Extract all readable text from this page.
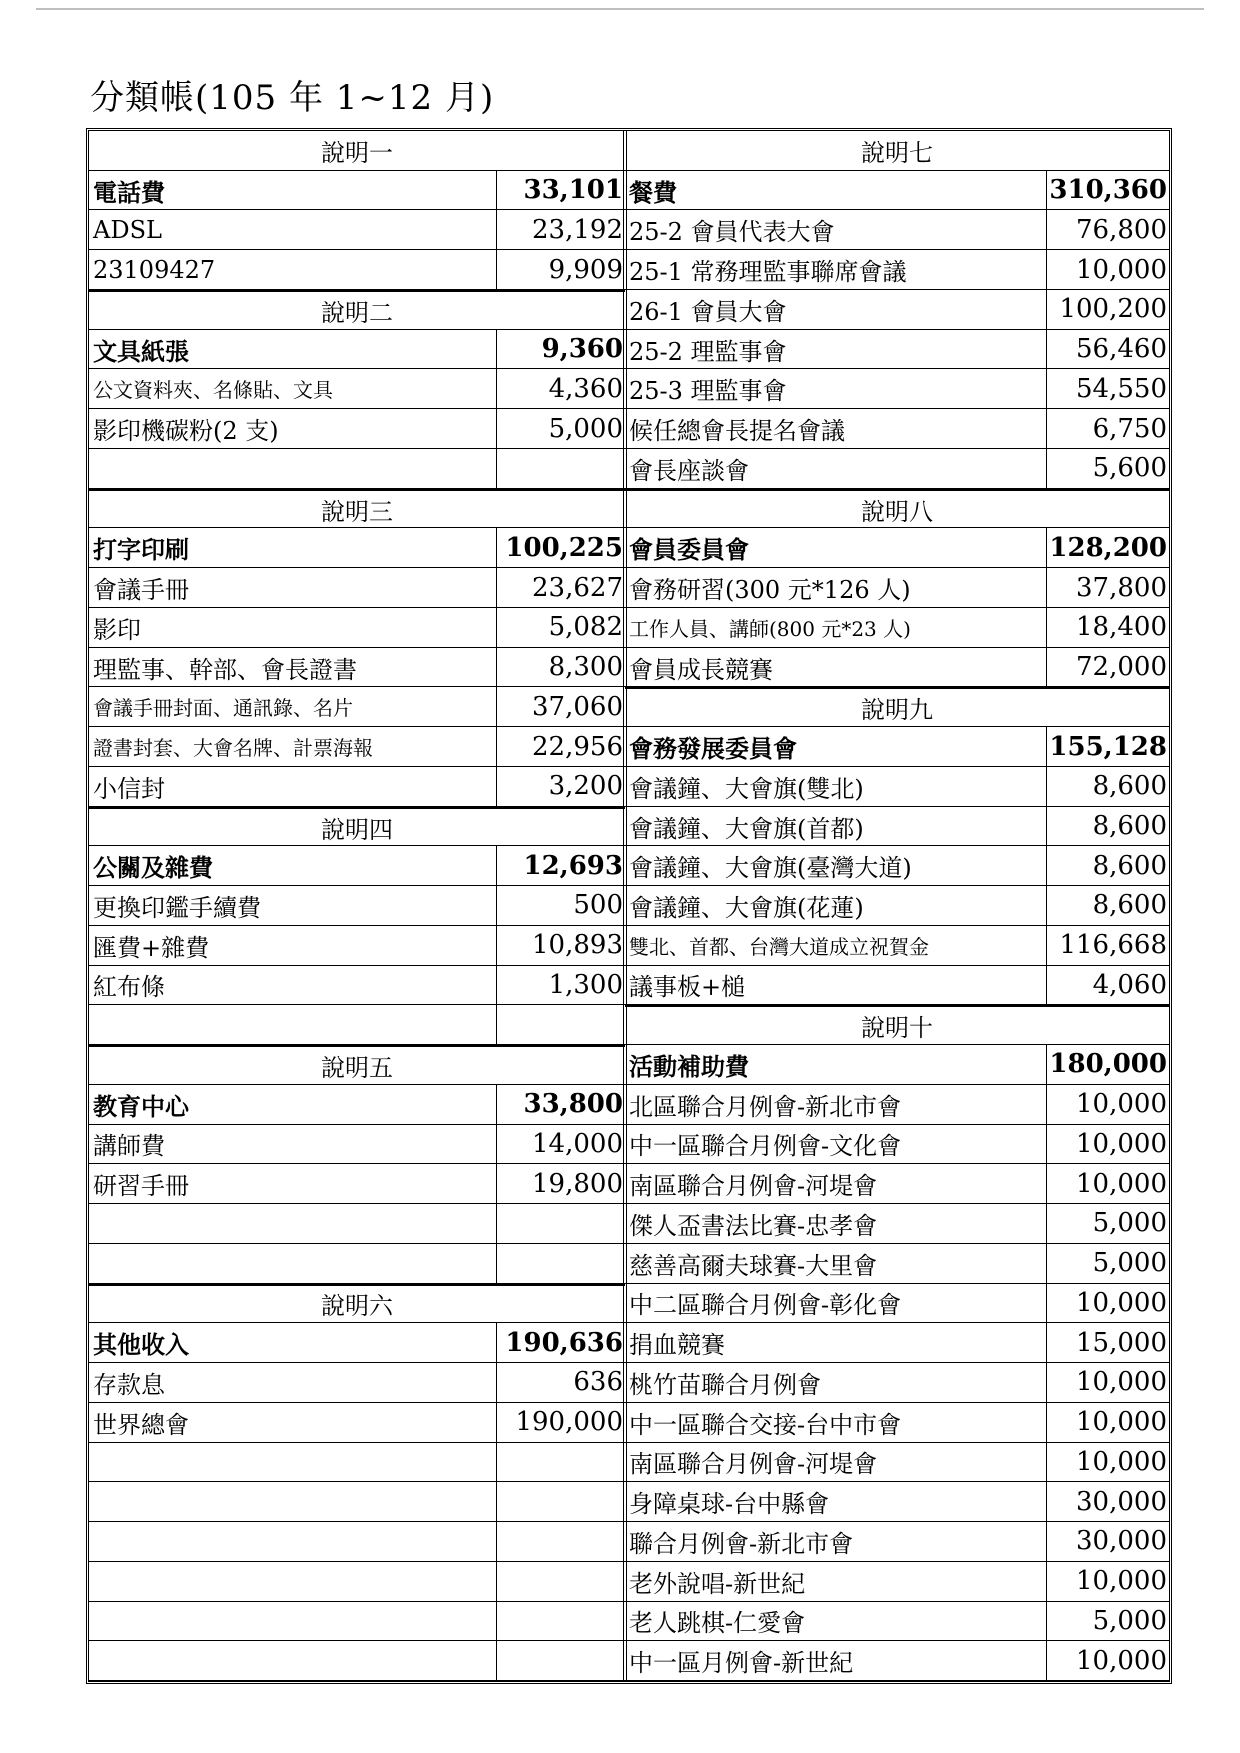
分類帳(105 年 1~12 月)
說明一
電話費	33,101
ADSL	23,192
23109427	9,909
說明二
文具紙張	9,360
公文資料夾、名條貼、文具	4,360
影印機碳粉(2 支)	5,000
說明三
打字印刷	100,225
會議手冊	23,627
影印	5,082
理監事、幹部、會長證書	8,300
會議手冊封面、通訊錄、名片	37,060
證書封套、大會名牌、計票海報	22,956
小信封	3,200
說明四
公關及雜費	12,693
更換印鑑手續費	500
匯費+雜費	10,893
紅布條	1,300
說明五
教育中心	33,800
講師費	14,000
研習手冊	19,800
說明六
其他收入	190,636
存款息	636
世界總會	190,000
說明七
餐費	310,360
25-2 會員代表大會	76,800
25-1 常務理監事聯席會議	10,000
26-1 會員大會	100,200
25-2 理監事會	56,460
25-3 理監事會	54,550
候任總會長提名會議	6,750
會長座談會	5,600
說明八
會員委員會	128,200
會務研習(300 元*126 人)	37,800
工作人員、講師(800 元*23 人)	18,400
會員成長競賽	72,000
說明九
會務發展委員會	155,128
會議鐘、大會旗(雙北)	8,600
會議鐘、大會旗(首都)	8,600
會議鐘、大會旗(臺灣大道)	8,600
會議鐘、大會旗(花蓮)	8,600
雙北、首都、台灣大道成立祝賀金	116,668
議事板+槌	4,060
說明十
活動補助費	180,000
北區聯合月例會-新北市會	10,000
中一區聯合月例會-文化會	10,000
南區聯合月例會-河堤會	10,000
傑人盃書法比賽-忠孝會	5,000
慈善高爾夫球賽-大里會	5,000
中二區聯合月例會-彰化會	10,000
捐血競賽	15,000
桃竹苗聯合月例會	10,000
中一區聯合交接-台中市會	10,000
南區聯合月例會-河堤會	10,000
身障桌球-台中縣會	30,000
聯合月例會-新北市會	30,000
老外說唱-新世紀	10,000
老人跳棋-仁愛會	5,000
中一區月例會-新世紀	10,000
